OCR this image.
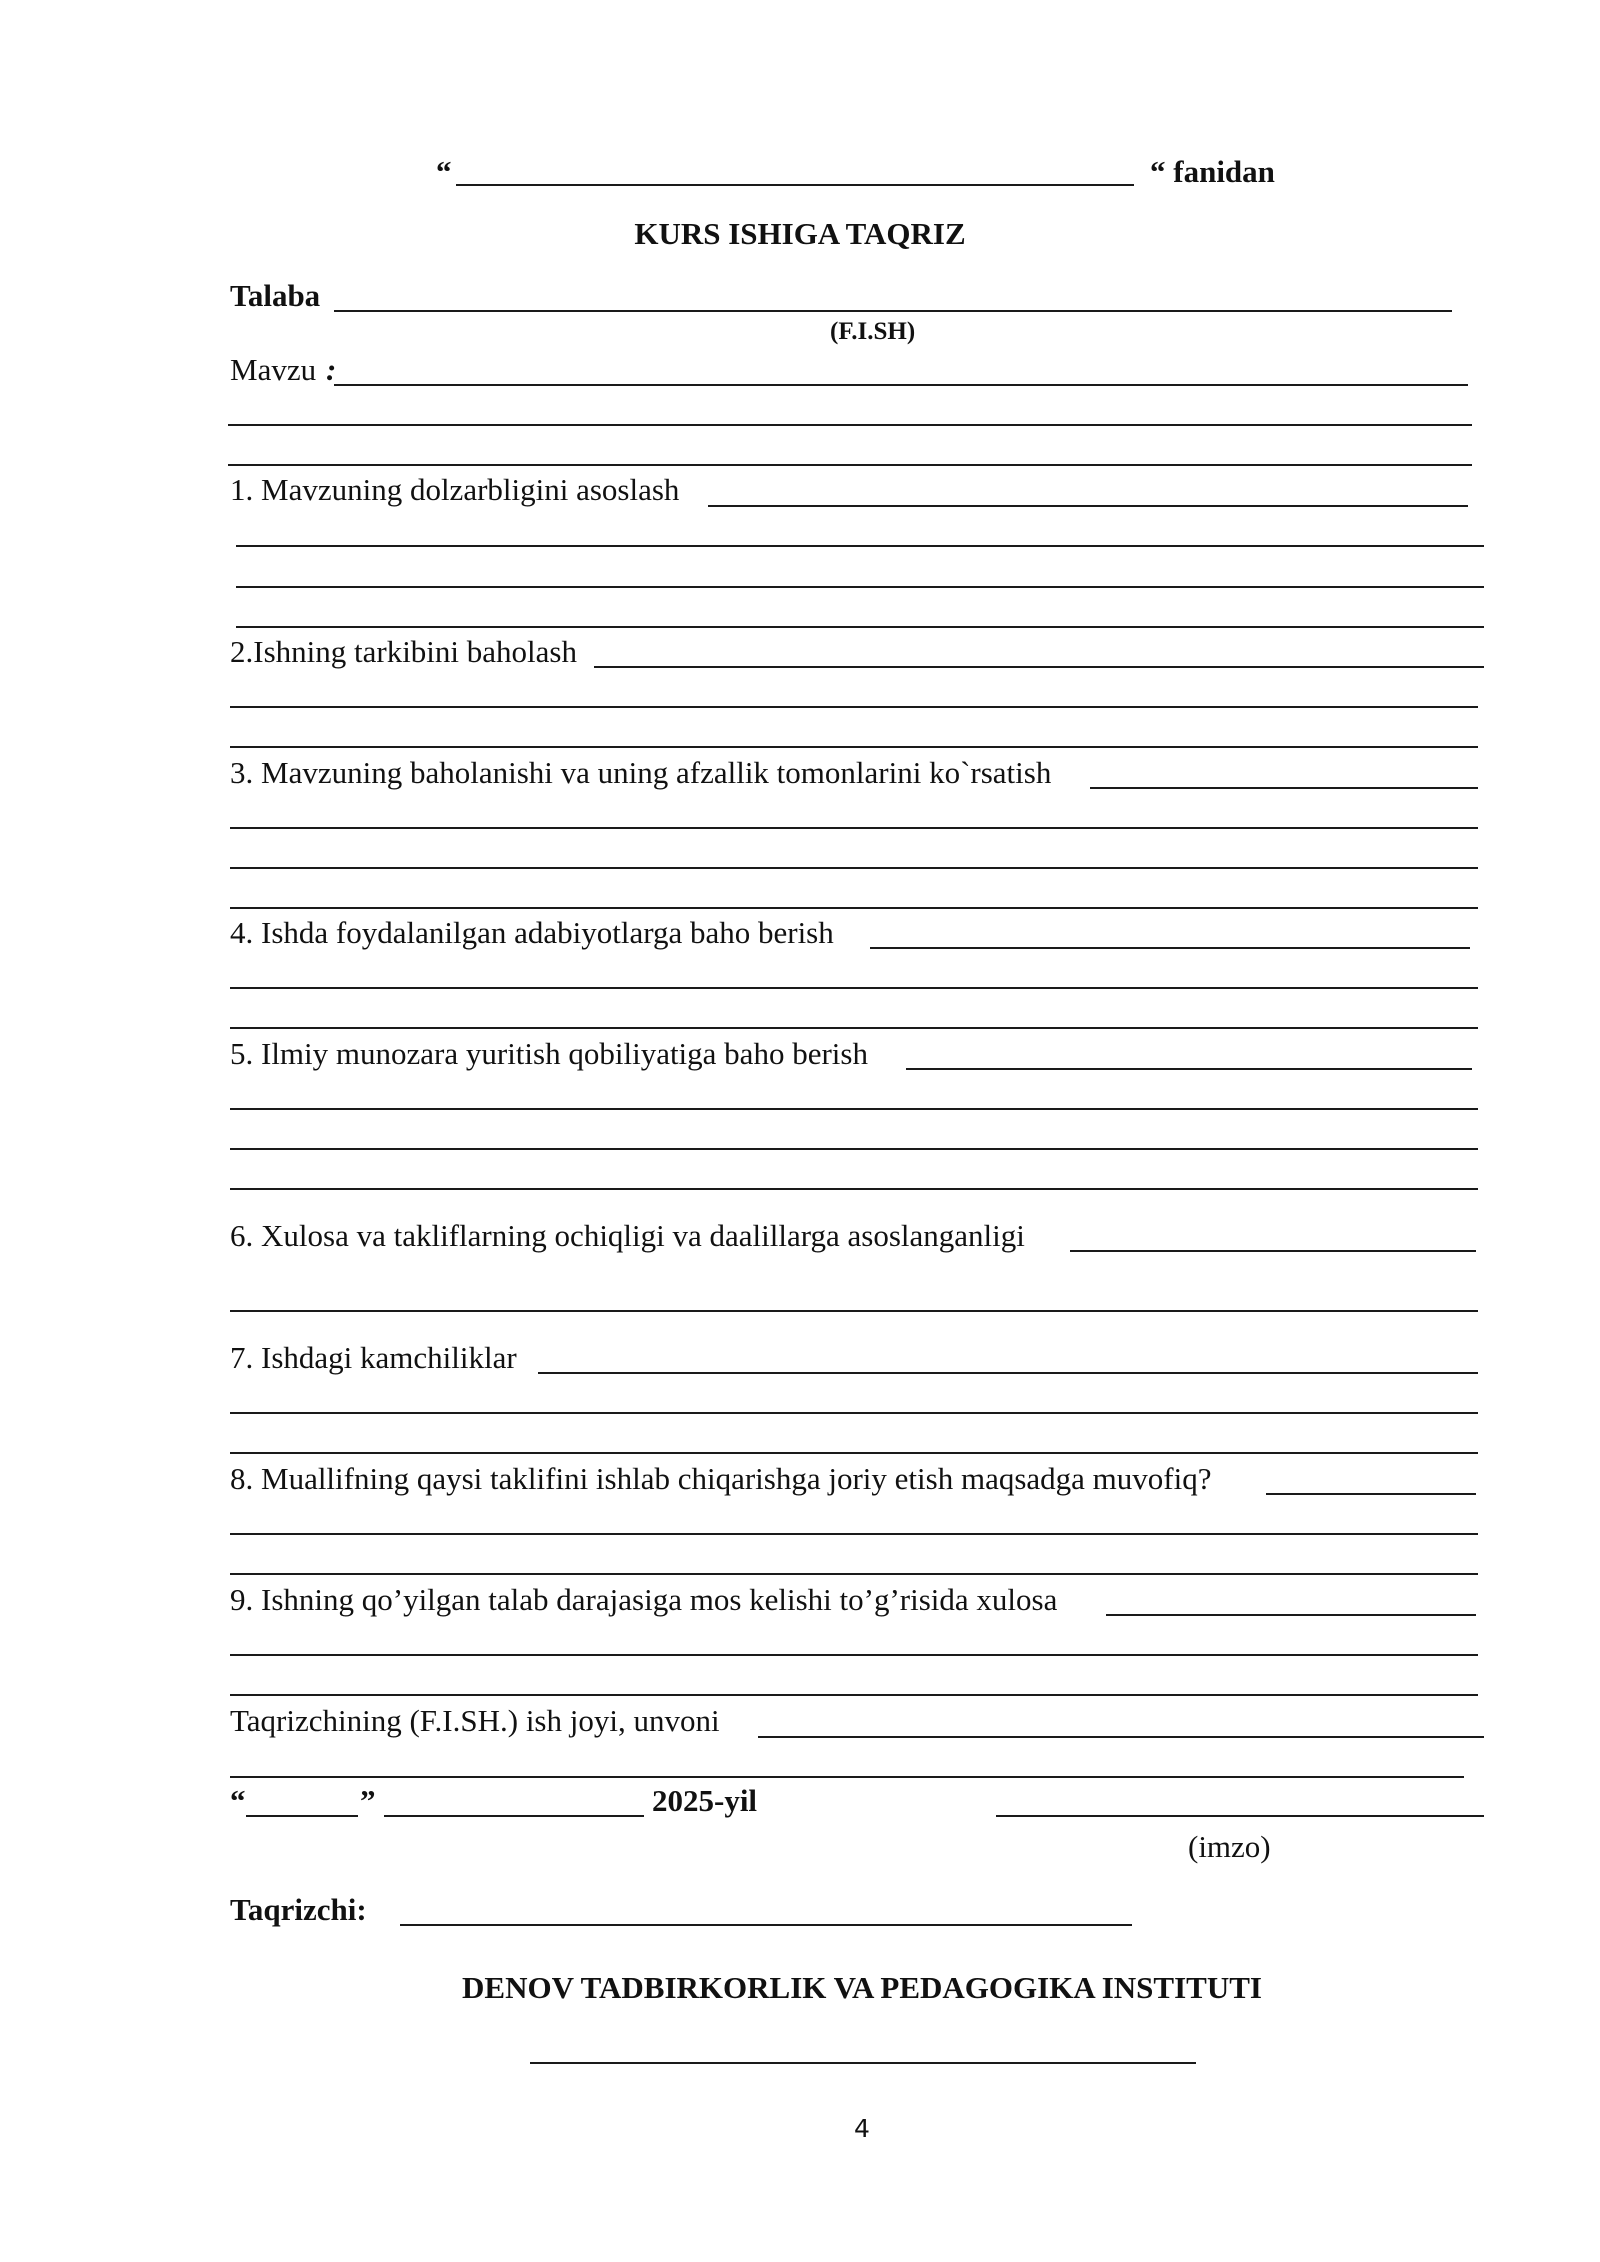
“	“ fanidan
KURS ISHIGA TAQRIZ
Talaba
(F.I.SH)
Mavzu :
1. Mavzuning dolzarbligini asoslash
2.Ishning tarkibini baholash
3. Mavzuning baholanishi va uning afzallik tomonlarini ko`rsatish
4. Ishda foydalanilgan adabiyotlarga baho berish
5. Ilmiy munozara yuritish qobiliyatiga baho berish
6. Xulosa va takliflarning ochiqligi va daalillarga asoslanganligi
7. Ishdagi kamchiliklar
8. Muallifning qaysi taklifini ishlab chiqarishga joriy etish maqsadga muvofiq?
9. Ishning qo’yilgan talab darajasiga mos kelishi to’g’risida xulosa
Taqrizchining (F.I.SH.) ish joyi, unvoni
“	”	2025-yil
(imzo)
Taqrizchi:
DENOV TADBIRKORLIK VA PEDAGOGIKA INSTITUTI
4
